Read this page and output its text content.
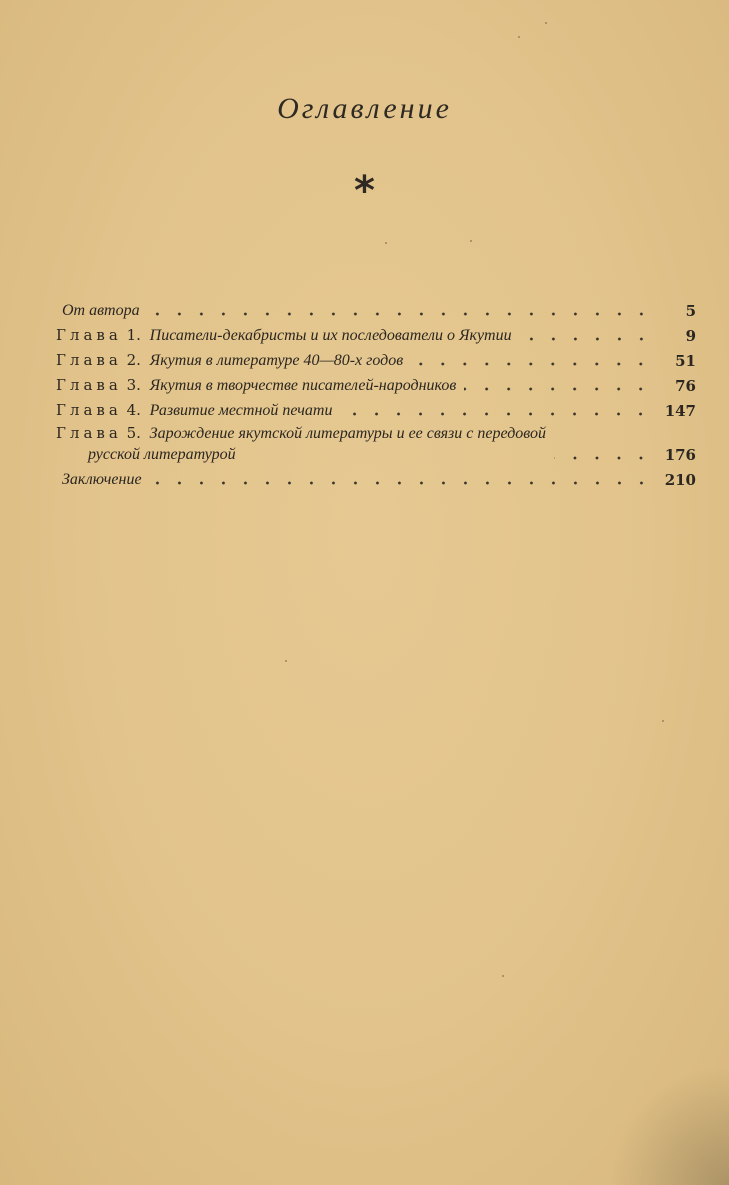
Оглавление
*
От автора	5
Глава 1. Писатели-декабристы и их последователи о Якутии	9
Глава 2. Якутия в литературе 40—80-х годов	51
Глава 3. Якутия в творчестве писателей-народников	76
Глава 4. Развитие местной печати	147
Глава 5. Зарождение якутской литературы и ее связи с передовой
русской литературой	176
Заключение	210
